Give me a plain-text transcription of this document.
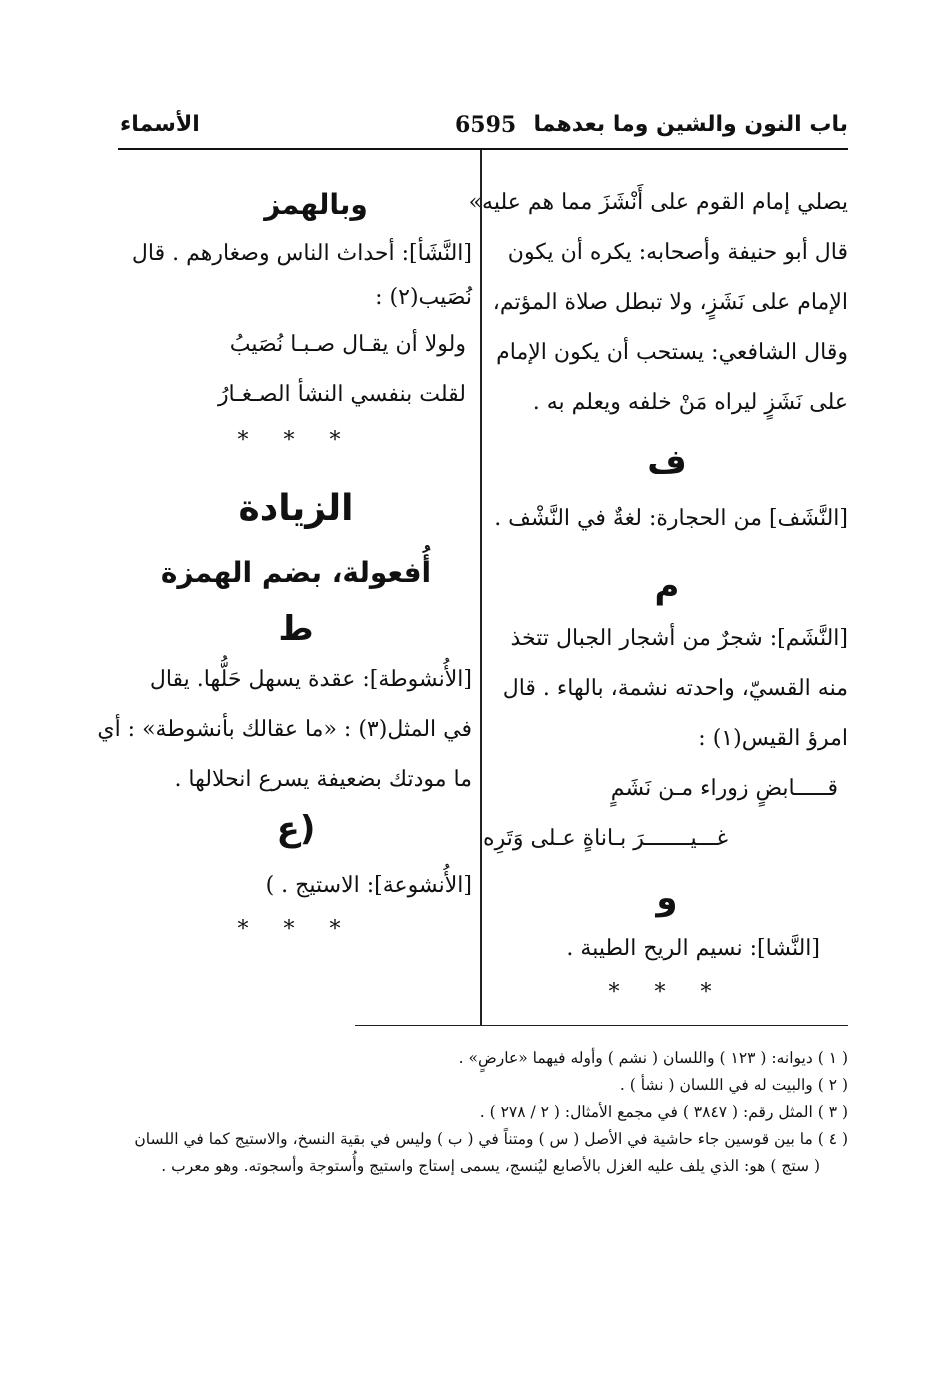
باب النون والشين وما بعدهما
6595
الأسماء
يصلي إمام القوم على أَنْشَزَ مما هم عليه»
قال أبو حنيفة وأصحابه: يكره أن يكون
الإمام على نَشَزٍ، ولا تبطل صلاة المؤتم،
وقال الشافعي: يستحب أن يكون الإمام
على نَشَزٍ ليراه مَنْ خلفه ويعلم به .
ف
[النَّشَف] من الحجارة: لغةٌ في النَّشْف .
م
[النَّشَم]: شجرٌ من أشجار الجبال تتخذ
منه القسيّ، واحدته نشمة، بالهاء . قال
امرؤ القيس(١) :
قـــــابضٍ زوراء مـن نَشَمٍ
غـــيـــــــرَ بـاناةٍ عـلى وَتَرِه
و
[النَّشا]: نسيم الريح الطيبة .
* * *
وبالهمز
[النَّشَأ]: أحداث الناس وصغارهم . قال
نُصَيب(٢) :
ولولا أن يقـال صـبـا نُصَيبُ
لقلت بنفسي النشأ الصـغـارُ
* * *
الزيادة
أُفعولة، بضم الهمزة
ط
[الأُنشوطة]: عقدة يسهل حَلُّها. يقال
في المثل(٣) : «ما عقالك بأنشوطة» : أي
ما مودتك بضعيفة يسرع انحلالها .
(ع
[الأُنشوعة]: الاستيج . )
* * *
( ١ ) ديوانه: ( ١٢٣ ) واللسان ( نشم ) وأوله فيهما «عارضٍ» .
( ٢ ) والبيت له في اللسان ( نشأ ) .
( ٣ ) المثل رقم: ( ٣٨٤٧ ) في مجمع الأمثال: ( ٢ / ٢٧٨ ) .
( ٤ ) ما بين قوسين جاء حاشية في الأصل ( س ) ومتناً في ( ب ) وليس في بقية النسخ، والاستيج كما في اللسان
( ستج ) هو: الذي يلف عليه الغزل بالأصابع ليُنسج، يسمى إستاج واستيج وأُستوجة وأسجوته. وهو معرب .
